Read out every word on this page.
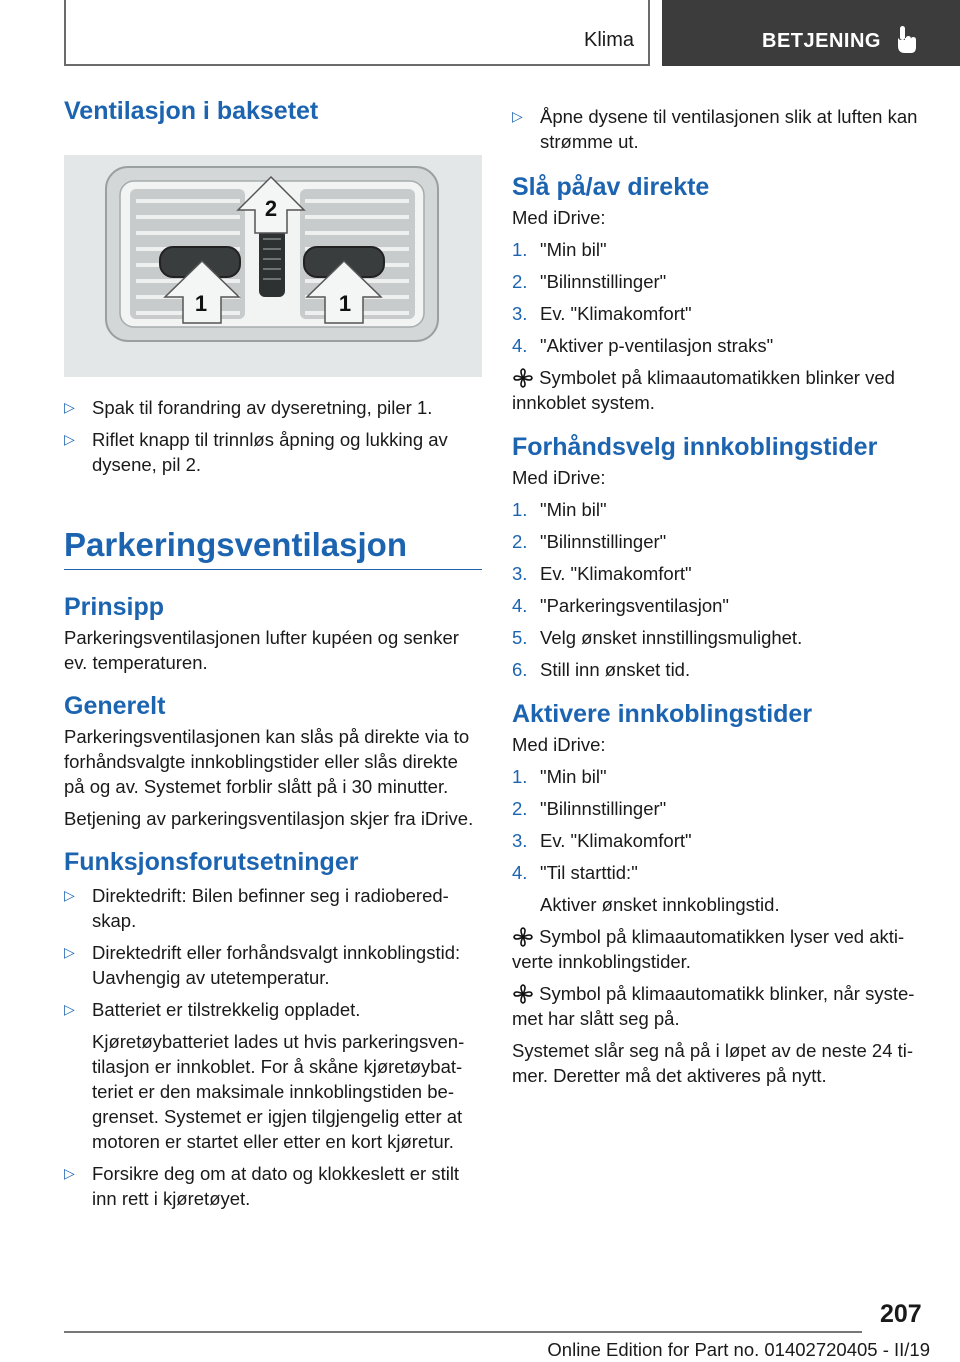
Klima	BETJENING
Ventilasjon i baksetet
2
1	1
▷ Spak til forandring av dyseretning, piler 1.
▷ Riflet knapp til trinnløs åpning og lukking av dysene, pil 2.
Parkeringsventilasjon
Prinsipp

Parkeringsventilasjonen lufter kupéen og senker ev. temperaturen.

Generelt

Parkeringsventilasjonen kan slås på direkte via to forhåndsvalgte innkoblingstider eller slås direkte på og av. Systemet forblir slått på i 30 minutter.

Betjening av parkeringsventilasjon skjer fra iDrive.

Funksjonsforutsetninger
▷ Direktedrift: Bilen befinner seg i radioberedskap.
▷ Direktedrift eller forhåndsvalgt innkoblingstid: Uavhengig av utetemperatur.
▷ Batteriet er tilstrekkelig oppladet.

Kjøretøybatteriet lades ut hvis parkeringsventilasjon er innkoblet. For å skåne kjøretøybatteriet er den maksimale innkoblingstiden begrenset. Systemet er igjen tilgjengelig etter at motoren er startet eller etter en kort kjøretur.

▷ Forsikre deg om at dato og klokkeslett er stilt inn rett i kjøretøyet.
▷ Åpne dysene til ventilasjonen slik at luften kan strømme ut.
Slå på/av direkte

Med iDrive:

1. "Min bil"
2. "Bilinnstillinger"
3. Ev. "Klimakomfort"
4. "Aktiver p-ventilasjon straks"

Symbolet på klimaautomatikken blinker ved innkoblet system.

Forhåndsvelg innkoblingstider

Med iDrive:

1. "Min bil"
2. "Bilinnstillinger"
3. Ev. "Klimakomfort"
4. "Parkeringsventilasjon"
5. Velg ønsket innstillingsmulighet.
6. Still inn ønsket tid.
Aktivere innkoblingstider

Med iDrive:

1. "Min bil"
2. "Bilinnstillinger"
3. Ev. "Klimakomfort"
4. "Til starttid:"

Aktiver ønsket innkoblingstid.

Symbol på klimaautomatikken lyser ved aktiverte innkoblingstider.

Symbol på klimaautomatikk blinker, når systemet har slått seg på.

Systemet slår seg nå på i løpet av de neste 24 timer. Deretter må det aktiveres på nytt.

207
Online Edition for Part no. 01402720405 - II/19
